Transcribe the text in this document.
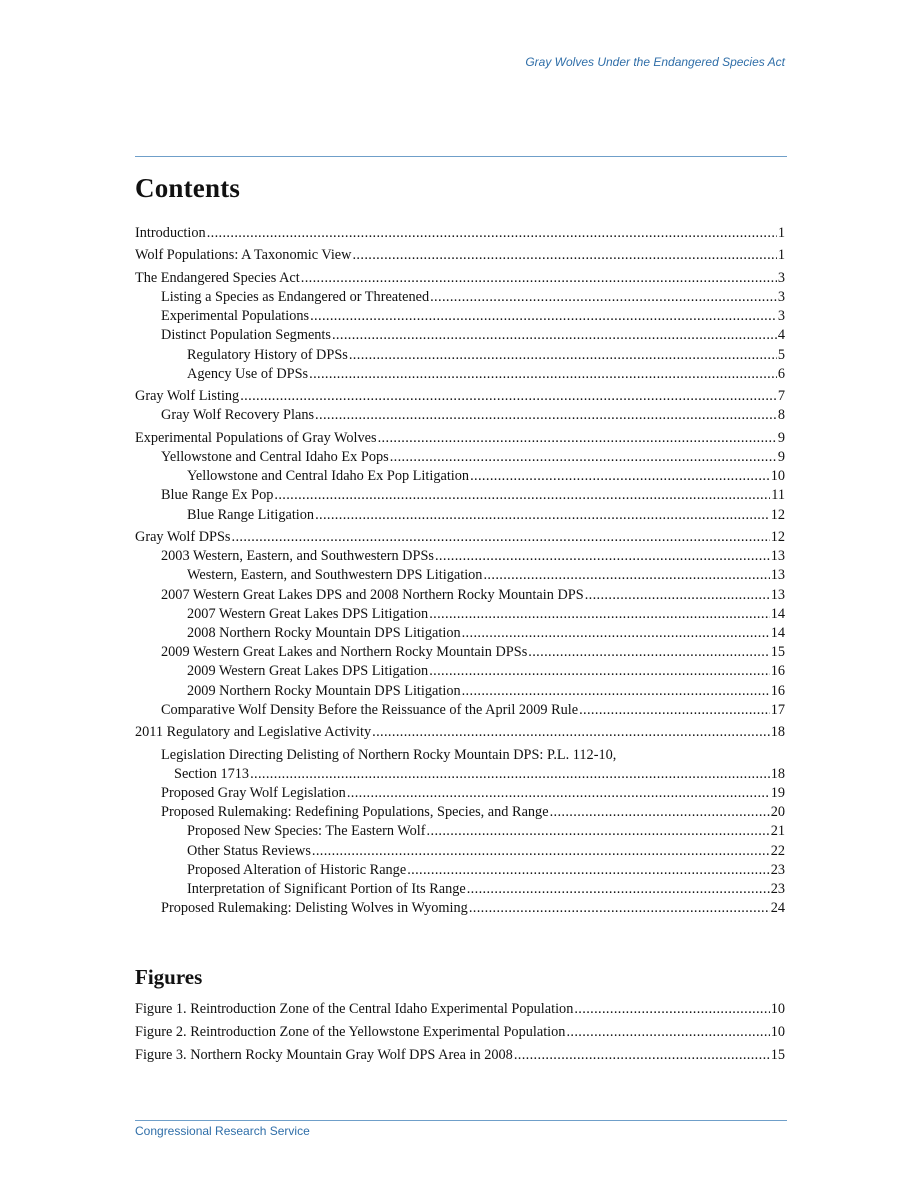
Gray Wolves Under the Endangered Species Act
Contents
Introduction . . .	1
Wolf Populations: A Taxonomic View . . .	1
The Endangered Species Act . . .	3
Listing a Species as Endangered or Threatened . . .	3
Experimental Populations . . .	3
Distinct Population Segments . . .	4
Regulatory History of DPSs . . .	5
Agency Use of DPSs . . .	6
Gray Wolf Listing . . .	7
Gray Wolf Recovery Plans . . .	8
Experimental Populations of Gray Wolves . . .	9
Yellowstone and Central Idaho Ex Pops . . .	9
Yellowstone and Central Idaho Ex Pop Litigation . . .	10
Blue Range Ex Pop . . .	11
Blue Range Litigation . . .	12
Gray Wolf DPSs . . .	12
2003 Western, Eastern, and Southwestern DPSs . . .	13
Western, Eastern, and Southwestern DPS Litigation . . .	13
2007 Western Great Lakes DPS and 2008 Northern Rocky Mountain DPS . . .	13
2007 Western Great Lakes DPS Litigation . . .	14
2008 Northern Rocky Mountain DPS Litigation . . .	14
2009 Western Great Lakes and Northern Rocky Mountain DPSs . . .	15
2009 Western Great Lakes DPS Litigation . . .	16
2009 Northern Rocky Mountain DPS Litigation . . .	16
Comparative Wolf Density Before the Reissuance of the April 2009 Rule . . .	17
2011 Regulatory and Legislative Activity . . .	18
Legislation Directing Delisting of Northern Rocky Mountain DPS: P.L. 112-10,
Section 1713 . . .	18
Proposed Gray Wolf Legislation . . .	19
Proposed Rulemaking: Redefining Populations, Species, and Range . . .	20
Proposed New Species: The Eastern Wolf . . .	21
Other Status Reviews . . .	22
Proposed Alteration of Historic Range . . .	23
Interpretation of Significant Portion of Its Range . . .	23
Proposed Rulemaking: Delisting Wolves in Wyoming . . .	24
Figures
Figure 1. Reintroduction Zone of the Central Idaho Experimental Population . . .	10
Figure 2. Reintroduction Zone of the Yellowstone Experimental Population . . .	10
Figure 3. Northern Rocky Mountain Gray Wolf DPS Area in 2008 . . .	15
Congressional Research Service
